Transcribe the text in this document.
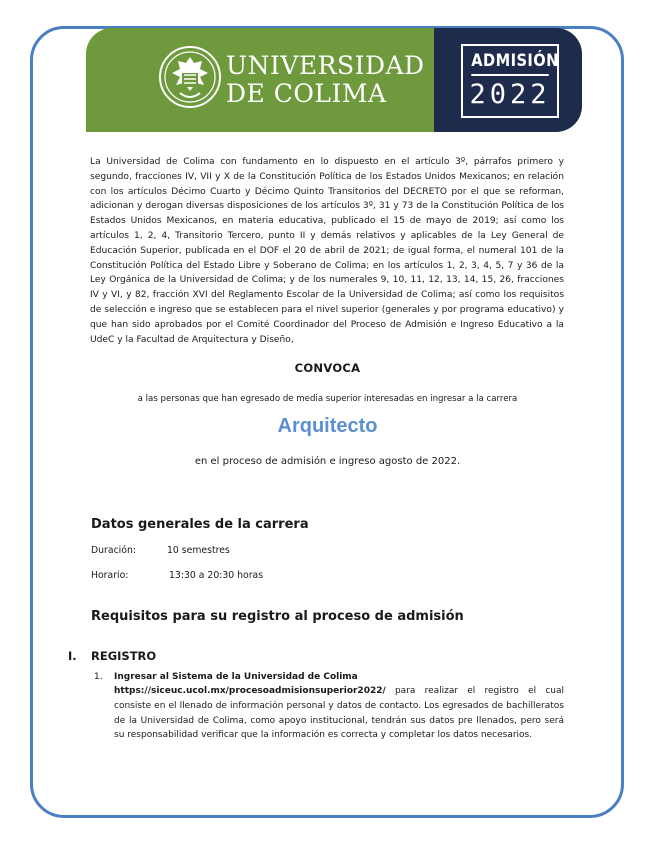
UNIVERSIDAD
DE COLIMA
ADMISIÓN
2022
La Universidad de Colima con fundamento en lo dispuesto en el artículo 3º, párrafos primero y segundo, fracciones IV, VII y X de la Constitución Política de los Estados Unidos Mexicanos; en relación con los artículos Décimo Cuarto y Décimo Quinto Transitorios del DECRETO por el que se reforman, adicionan y derogan diversas disposiciones de los artículos 3º, 31 y 73 de la Constitución Política de los Estados Unidos Mexicanos, en materia educativa, publicado el 15 de mayo de 2019; así como los artículos 1, 2, 4, Transitorio Tercero, punto II y demás relativos y aplicables de la Ley General de Educación Superior, publicada en el DOF el 20 de abril de 2021; de igual forma, el numeral 101 de la Constitución Política del Estado Libre y Soberano de Colima; en los artículos 1, 2, 3, 4, 5, 7 y 36 de la Ley Orgánica de la Universidad de Colima; y de los numerales 9, 10, 11, 12, 13, 14, 15, 26, fracciones IV y VI, y 82, fracción XVI del Reglamento Escolar de la Universidad de Colima; así como los requisitos de selección e ingreso que se establecen para el nivel superior (generales y por programa educativo) y que han sido aprobados por el Comité Coordinador del Proceso de Admisión e Ingreso Educativo a la UdeC y la Facultad de Arquitectura y Diseño,
CONVOCA
a las personas que han egresado de media superior interesadas en ingresar a la carrera
Arquitecto
en el proceso de admisión e ingreso agosto de 2022.
Datos generales de la carrera
Duración:	10 semestres
Horario:	13:30 a 20:30 horas
Requisitos para su registro al proceso de admisión
I. REGISTRO
1. Ingresar al Sistema de la Universidad de Colima
https://siceuc.ucol.mx/procesoadmisionsuperior2022/ para realizar el registro el cual consiste en el llenado de información personal y datos de contacto. Los egresados de bachilleratos de la Universidad de Colima, como apoyo institucional, tendrán sus datos pre llenados, pero será su responsabilidad verificar que la información es correcta y completar los datos necesarios.
